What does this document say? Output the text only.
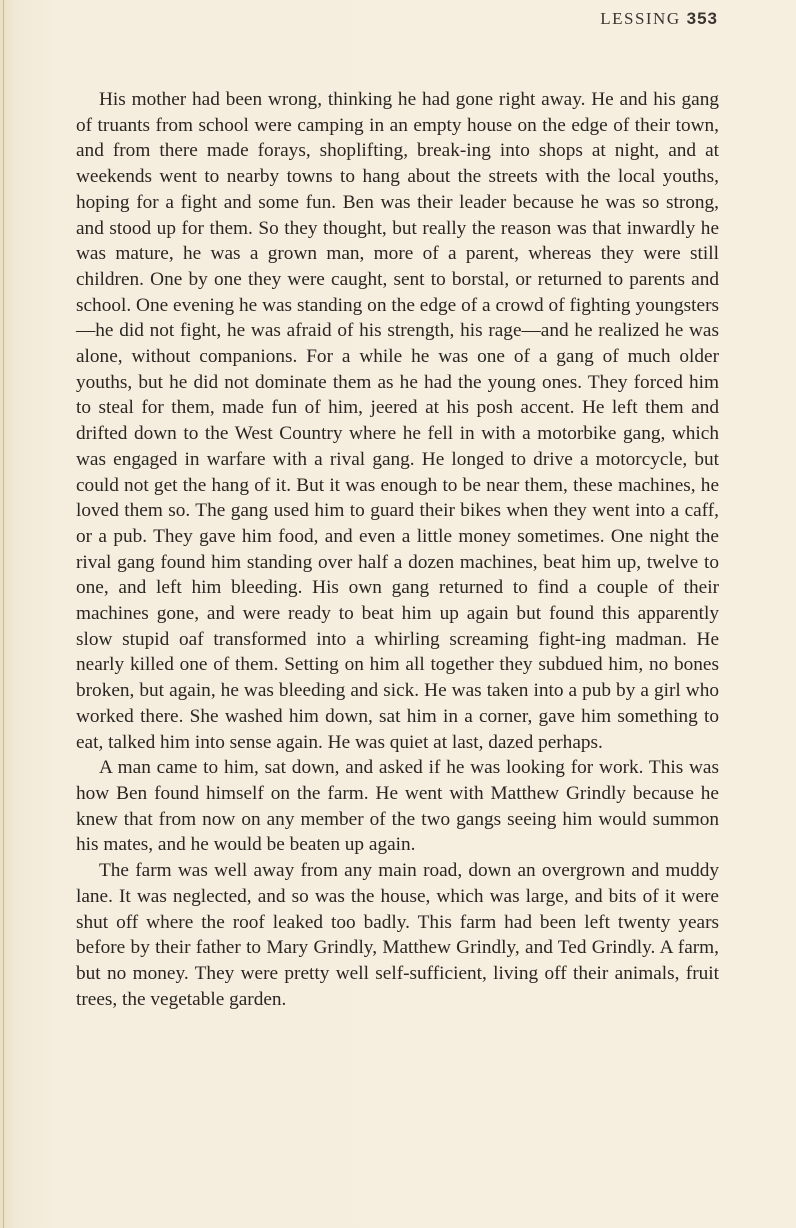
LESSING 353

His mother had been wrong, thinking he had gone right away. He and his gang of truants from school were camping in an empty house on the edge of their town, and from there made forays, shoplifting, break-ing into shops at night, and at weekends went to nearby towns to hang about the streets with the local youths, hoping for a fight and some fun. Ben was their leader because he was so strong, and stood up for them. So they thought, but really the reason was that inwardly he was mature, he was a grown man, more of a parent, whereas they were still children. One by one they were caught, sent to borstal, or returned to parents and school. One evening he was standing on the edge of a crowd of fighting youngsters—he did not fight, he was afraid of his strength, his rage—and he realized he was alone, without companions. For a while he was one of a gang of much older youths, but he did not dominate them as he had the young ones. They forced him to steal for them, made fun of him, jeered at his posh accent. He left them and drifted down to the West Country where he fell in with a motorbike gang, which was engaged in warfare with a rival gang. He longed to drive a motorcycle, but could not get the hang of it. But it was enough to be near them, these machines, he loved them so. The gang used him to guard their bikes when they went into a caff, or a pub. They gave him food, and even a little money sometimes. One night the rival gang found him standing over half a dozen machines, beat him up, twelve to one, and left him bleeding. His own gang returned to find a couple of their machines gone, and were ready to beat him up again but found this apparently slow stupid oaf transformed into a whirling screaming fight-ing madman. He nearly killed one of them. Setting on him all together they subdued him, no bones broken, but again, he was bleeding and sick. He was taken into a pub by a girl who worked there. She washed him down, sat him in a corner, gave him something to eat, talked him into sense again. He was quiet at last, dazed perhaps.

A man came to him, sat down, and asked if he was looking for work. This was how Ben found himself on the farm. He went with Matthew Grindly because he knew that from now on any member of the two gangs seeing him would summon his mates, and he would be beaten up again.

The farm was well away from any main road, down an overgrown and muddy lane. It was neglected, and so was the house, which was large, and bits of it were shut off where the roof leaked too badly. This farm had been left twenty years before by their father to Mary Grindly, Matthew Grindly, and Ted Grindly. A farm, but no money. They were pretty well self-sufficient, living off their animals, fruit trees, the vegetable garden.
